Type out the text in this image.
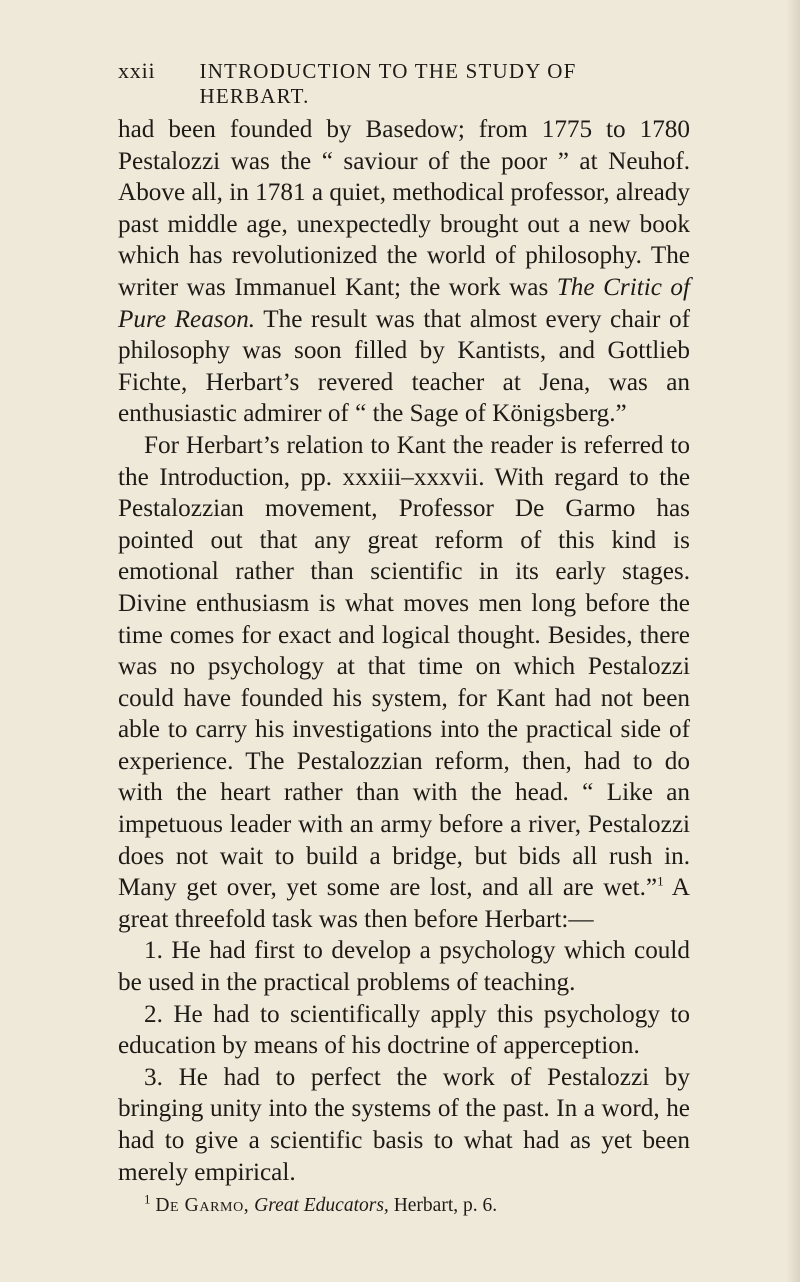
xxii	INTRODUCTION TO THE STUDY OF HERBART.

had been founded by Basedow; from 1775 to 1780 Pestalozzi was the “ saviour of the poor ” at Neuhof. Above all, in 1781 a quiet, methodical professor, already past middle age, unexpectedly brought out a new book which has revolutionized the world of philosophy. The writer was Immanuel Kant; the work was The Critic of Pure Reason. The result was that almost every chair of philosophy was soon filled by Kantists, and Gottlieb Fichte, Herbart’s revered teacher at Jena, was an enthusiastic admirer of “ the Sage of Königsberg.”

For Herbart’s relation to Kant the reader is referred to the Introduction, pp. xxxiii–xxxvii. With regard to the Pestalozzian movement, Professor De Garmo has pointed out that any great reform of this kind is emotional rather than scientific in its early stages. Divine enthusiasm is what moves men long before the time comes for exact and logical thought. Besides, there was no psychology at that time on which Pestalozzi could have founded his system, for Kant had not been able to carry his investigations into the practical side of experience. The Pestalozzian reform, then, had to do with the heart rather than with the head. “ Like an impetuous leader with an army before a river, Pestalozzi does not wait to build a bridge, but bids all rush in. Many get over, yet some are lost, and all are wet.”$^1$ A great threefold task was then before Herbart:—

1. He had first to develop a psychology which could be used in the practical problems of teaching.

2. He had to scientifically apply this psychology to education by means of his doctrine of apperception.

3. He had to perfect the work of Pestalozzi by bringing unity into the systems of the past. In a word, he had to give a scientific basis to what had as yet been merely empirical.

$^1$ De Garmo, Great Educators, Herbart, p. 6.
